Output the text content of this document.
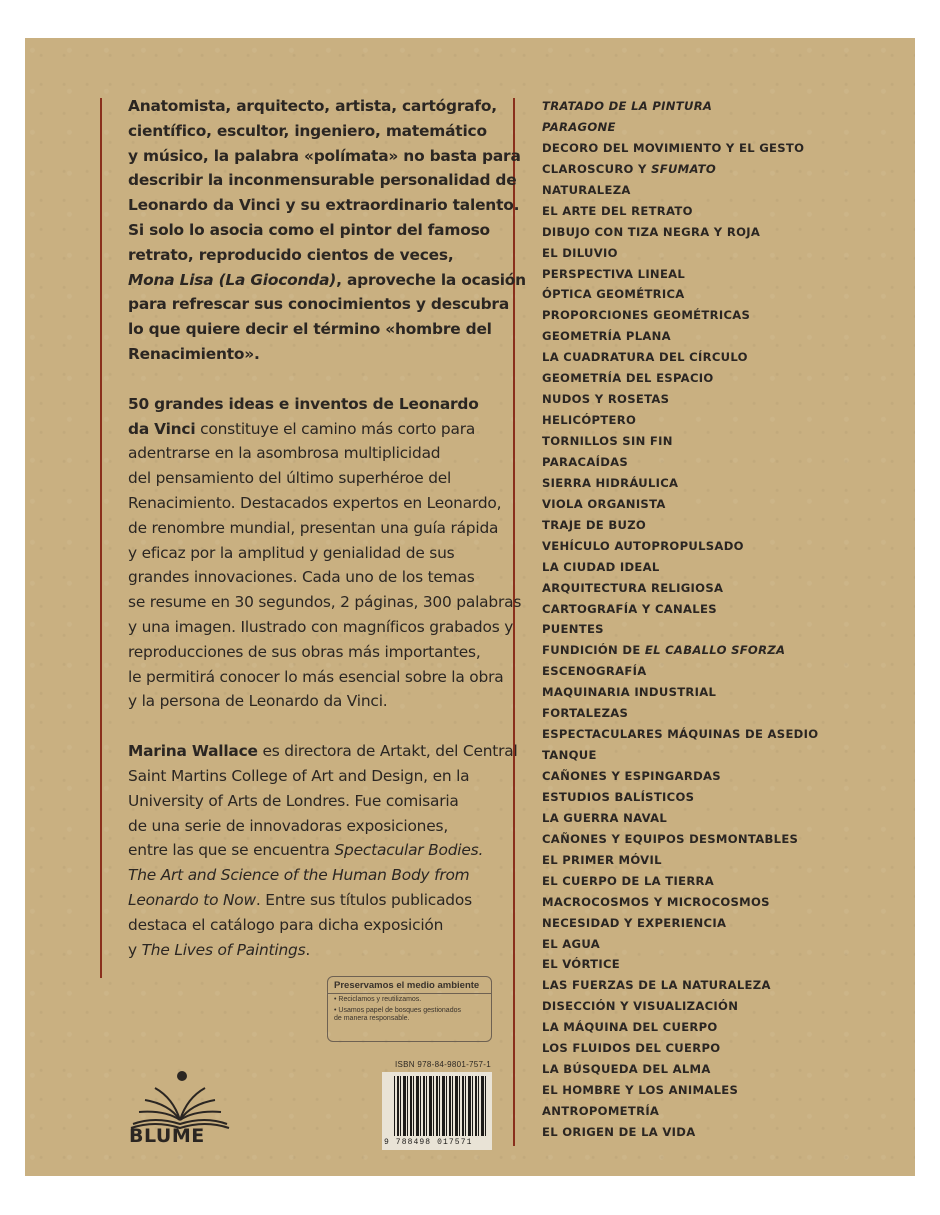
Anatomista, arquitecto, artista, cartógrafo,
científico, escultor, ingeniero, matemático
y músico, la palabra «polímata» no basta para
describir la inconmensurable personalidad de
Leonardo da Vinci y su extraordinario talento.
Si solo lo asocia como el pintor del famoso
retrato, reproducido cientos de veces,
Mona Lisa (La Gioconda), aproveche la ocasión
para refrescar sus conocimientos y descubra
lo que quiere decir el término «hombre del
Renacimiento».

50 grandes ideas e inventos de Leonardo
da Vinci constituye el camino más corto para
adentrarse en la asombrosa multiplicidad
del pensamiento del último superhéroe del
Renacimiento. Destacados expertos en Leonardo,
de renombre mundial, presentan una guía rápida
y eficaz por la amplitud y genialidad de sus
grandes innovaciones. Cada uno de los temas
se resume en 30 segundos, 2 páginas, 300 palabras
y una imagen. Ilustrado con magníficos grabados y
reproducciones de sus obras más importantes,
le permitirá conocer lo más esencial sobre la obra
y la persona de Leonardo da Vinci.

Marina Wallace es directora de Artakt, del Central
Saint Martins College of Art and Design, en la
University of Arts de Londres. Fue comisaria
de una serie de innovadoras exposiciones,
entre las que se encuentra Spectacular Bodies.
The Art and Science of the Human Body from
Leonardo to Now. Entre sus títulos publicados
destaca el catálogo para dicha exposición
y The Lives of Paintings.

Preservamos el medio ambiente
• Reciclamos y reutilizamos.
• Usamos papel de bosques gestionados
de manera responsable.
ISBN 978-84-9801-757-1
9 788498 017571
BLUME
TRATADO DE LA PINTURA
PARAGONE
DECORO DEL MOVIMIENTO Y EL GESTO
CLAROSCURO Y SFUMATO
NATURALEZA
EL ARTE DEL RETRATO
DIBUJO CON TIZA NEGRA Y ROJA
EL DILUVIO
PERSPECTIVA LINEAL
ÓPTICA GEOMÉTRICA
PROPORCIONES GEOMÉTRICAS
GEOMETRÍA PLANA
LA CUADRATURA DEL CÍRCULO
GEOMETRÍA DEL ESPACIO
NUDOS Y ROSETAS
HELICÓPTERO
TORNILLOS SIN FIN
PARACAÍDAS
SIERRA HIDRÁULICA
VIOLA ORGANISTA
TRAJE DE BUZO
VEHÍCULO AUTOPROPULSADO
LA CIUDAD IDEAL
ARQUITECTURA RELIGIOSA
CARTOGRAFÍA Y CANALES
PUENTES
FUNDICIÓN DE EL CABALLO SFORZA
ESCENOGRAFÍA
MAQUINARIA INDUSTRIAL
FORTALEZAS
ESPECTACULARES MÁQUINAS DE ASEDIO
TANQUE
CAÑONES Y ESPINGARDAS
ESTUDIOS BALÍSTICOS
LA GUERRA NAVAL
CAÑONES Y EQUIPOS DESMONTABLES
EL PRIMER MÓVIL
EL CUERPO DE LA TIERRA
MACROCOSMOS Y MICROCOSMOS
NECESIDAD Y EXPERIENCIA
EL AGUA
EL VÓRTICE
LAS FUERZAS DE LA NATURALEZA
DISECCIÓN Y VISUALIZACIÓN
LA MÁQUINA DEL CUERPO
LOS FLUIDOS DEL CUERPO
LA BÚSQUEDA DEL ALMA
EL HOMBRE Y LOS ANIMALES
ANTROPOMETRÍA
EL ORIGEN DE LA VIDA
